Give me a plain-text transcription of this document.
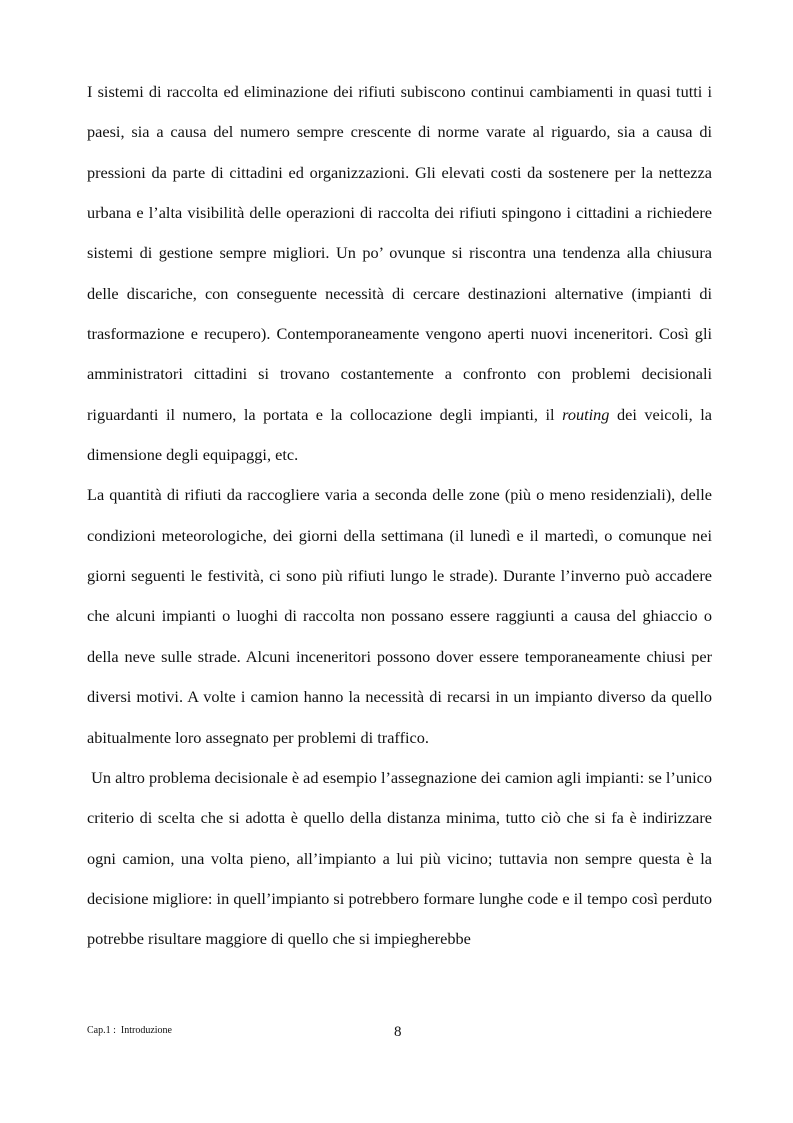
I sistemi di raccolta ed eliminazione dei rifiuti subiscono continui cambiamenti in quasi tutti i paesi, sia a causa del numero sempre crescente di norme varate al riguardo, sia a causa di pressioni da parte di cittadini ed organizzazioni. Gli elevati costi da sostenere per la nettezza urbana e l’alta visibilità delle operazioni di raccolta dei rifiuti spingono i cittadini a richiedere sistemi di gestione sempre migliori. Un po’ ovunque si riscontra una tendenza alla chiusura delle discariche, con conseguente necessità di cercare destinazioni alternative (impianti di trasformazione e recupero). Contemporaneamente vengono aperti nuovi inceneritori. Così gli amministratori cittadini si trovano costantemente a confronto con problemi decisionali riguardanti il numero, la portata e la collocazione degli impianti, il routing dei veicoli, la dimensione degli equipaggi, etc.

La quantità di rifiuti da raccogliere varia a seconda delle zone (più o meno residenziali), delle condizioni meteorologiche, dei giorni della settimana (il lunedì e il martedì, o comunque nei giorni seguenti le festività, ci sono più rifiuti lungo le strade). Durante l’inverno può accadere che alcuni impianti o luoghi di raccolta non possano essere raggiunti a causa del ghiaccio o della neve sulle strade. Alcuni inceneritori possono dover essere temporaneamente chiusi per diversi motivi. A volte i camion hanno la necessità di recarsi in un impianto diverso da quello abitualmente loro assegnato per problemi di traffico.

Un altro problema decisionale è ad esempio l’assegnazione dei camion agli impianti: se l’unico criterio di scelta che si adotta è quello della distanza minima, tutto ciò che si fa è indirizzare ogni camion, una volta pieno, all’impianto a lui più vicino; tuttavia non sempre questa è la decisione migliore: in quell’impianto si potrebbero formare lunghe code e il tempo così perduto potrebbe risultare maggiore di quello che si impiegherebbe

Cap.1 :  Introduzione	8
